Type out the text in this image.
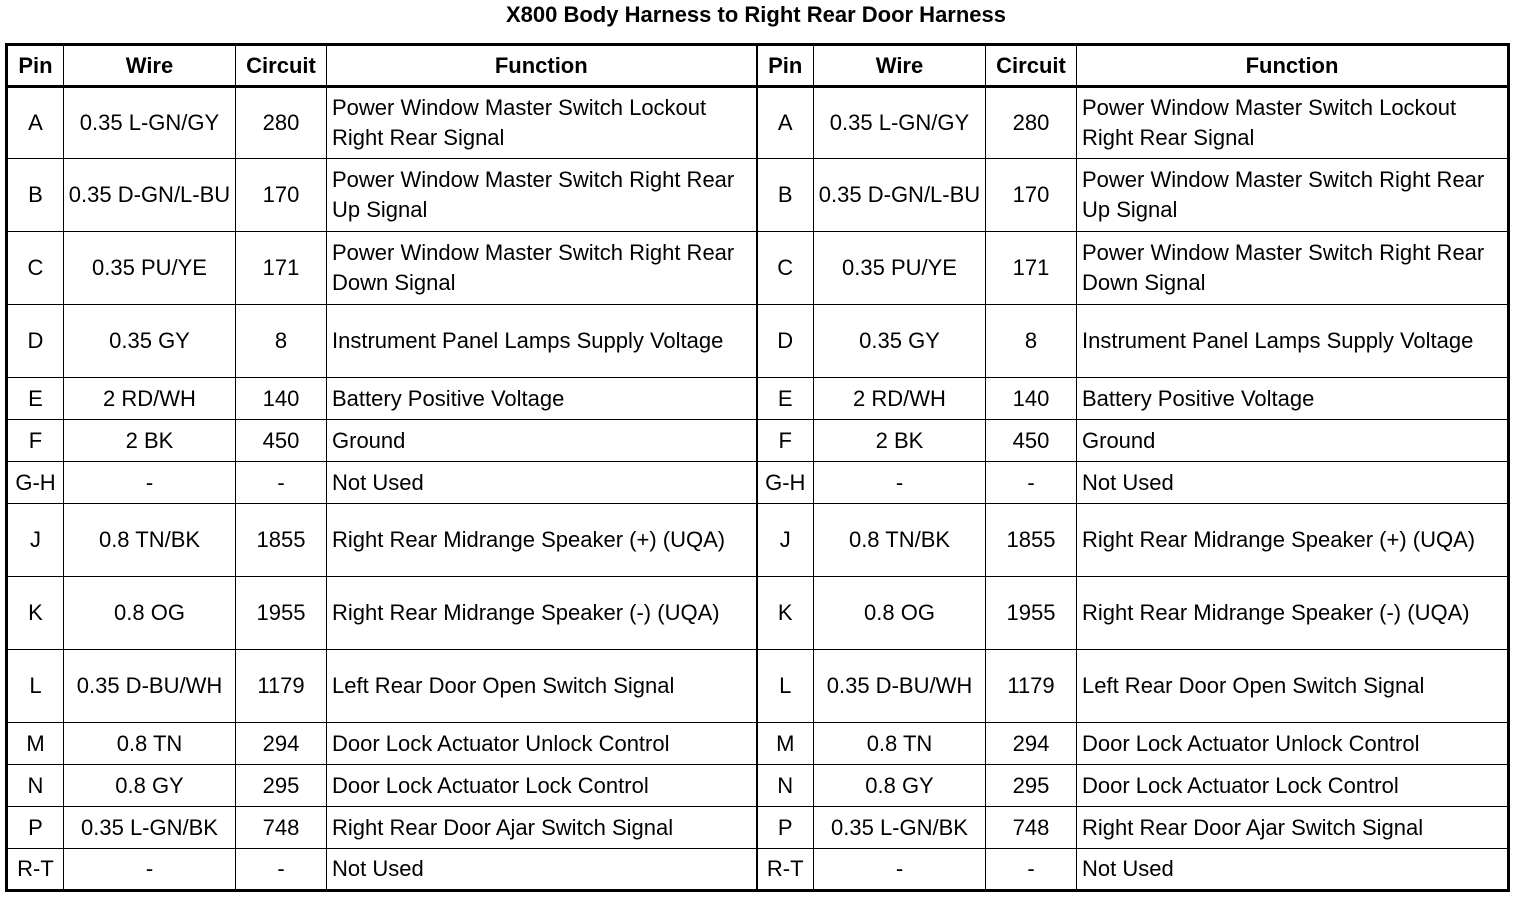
X800 Body Harness to Right Rear Door Harness
Pin	Wire	Circuit	Function	Pin	Wire	Circuit	Function
A	0.35 L-GN/GY	280	Power Window Master Switch Lockout Right Rear Signal	A	0.35 L-GN/GY	280	Power Window Master Switch Lockout Right Rear Signal
B	0.35 D-GN/L-BU	170	Power Window Master Switch Right Rear Up Signal	B	0.35 D-GN/L-BU	170	Power Window Master Switch Right Rear Up Signal
C	0.35 PU/YE	171	Power Window Master Switch Right Rear Down Signal	C	0.35 PU/YE	171	Power Window Master Switch Right Rear Down Signal
D	0.35 GY	8	Instrument Panel Lamps Supply Voltage	D	0.35 GY	8	Instrument Panel Lamps Supply Voltage
E	2 RD/WH	140	Battery Positive Voltage	E	2 RD/WH	140	Battery Positive Voltage
F	2 BK	450	Ground	F	2 BK	450	Ground
G-H	-	-	Not Used	G-H	-	-	Not Used
J	0.8 TN/BK	1855	Right Rear Midrange Speaker (+) (UQA)	J	0.8 TN/BK	1855	Right Rear Midrange Speaker (+) (UQA)
K	0.8 OG	1955	Right Rear Midrange Speaker (-) (UQA)	K	0.8 OG	1955	Right Rear Midrange Speaker (-) (UQA)
L	0.35 D-BU/WH	1179	Left Rear Door Open Switch Signal	L	0.35 D-BU/WH	1179	Left Rear Door Open Switch Signal
M	0.8 TN	294	Door Lock Actuator Unlock Control	M	0.8 TN	294	Door Lock Actuator Unlock Control
N	0.8 GY	295	Door Lock Actuator Lock Control	N	0.8 GY	295	Door Lock Actuator Lock Control
P	0.35 L-GN/BK	748	Right Rear Door Ajar Switch Signal	P	0.35 L-GN/BK	748	Right Rear Door Ajar Switch Signal
R-T	-	-	Not Used	R-T	-	-	Not Used
